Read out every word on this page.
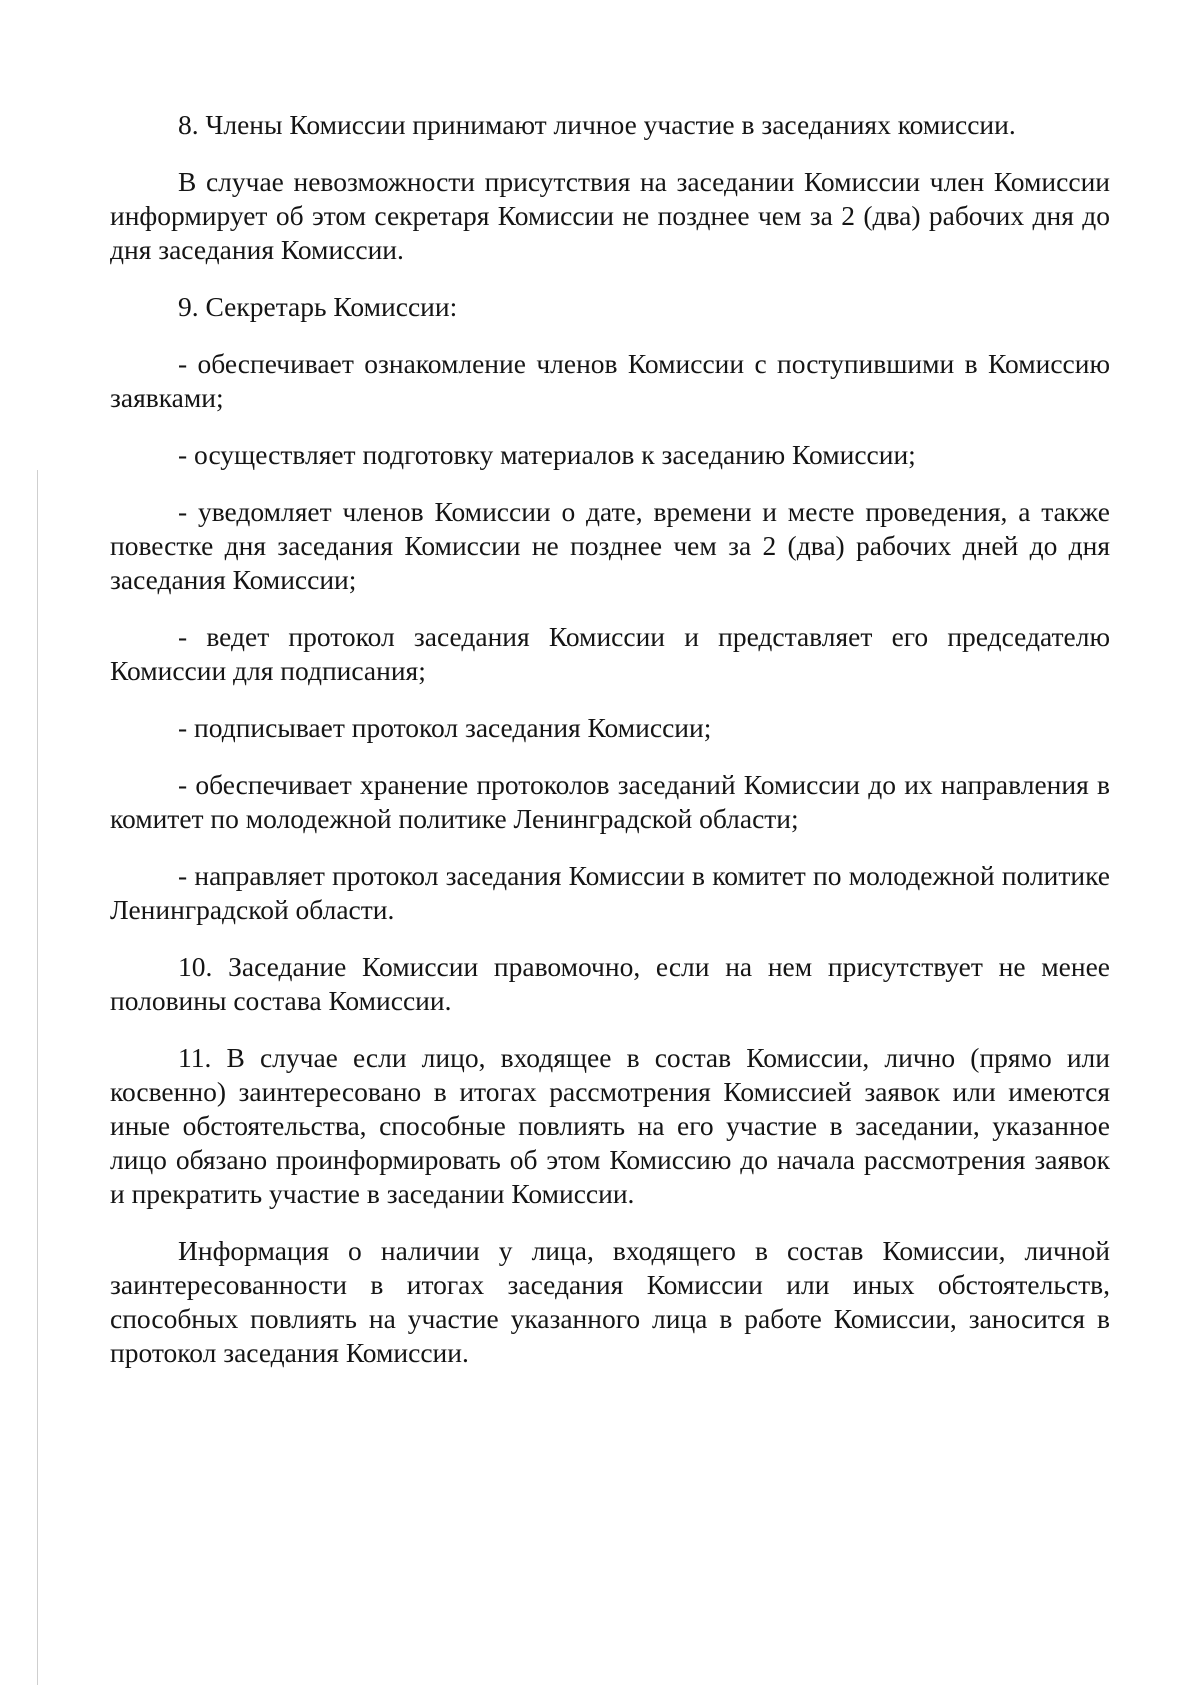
8. Члены Комиссии принимают личное участие в заседаниях комиссии.

В случае невозможности присутствия на заседании Комиссии член Комиссии информирует об этом секретаря Комиссии не позднее чем за 2 (два) рабочих дня до дня заседания Комиссии.

9. Секретарь Комиссии:

- обеспечивает ознакомление членов Комиссии с поступившими в Комиссию заявками;

- осуществляет подготовку материалов к заседанию Комиссии;

- уведомляет членов Комиссии о дате, времени и месте проведения, а также повестке дня заседания Комиссии не позднее чем за 2 (два) рабочих дней до дня заседания Комиссии;

- ведет протокол заседания Комиссии и представляет его председателю Комиссии для подписания;

- подписывает протокол заседания Комиссии;

- обеспечивает хранение протоколов заседаний Комиссии до их направления в комитет по молодежной политике Ленинградской области;

- направляет протокол заседания Комиссии в комитет по молодежной политике Ленинградской области.

10. Заседание Комиссии правомочно, если на нем присутствует не менее половины состава Комиссии.

11. В случае если лицо, входящее в состав Комиссии, лично (прямо или косвенно) заинтересовано в итогах рассмотрения Комиссией заявок или имеются иные обстоятельства, способные повлиять на его участие в заседании, указанное лицо обязано проинформировать об этом Комиссию до начала рассмотрения заявок и прекратить участие в заседании Комиссии.

Информация о наличии у лица, входящего в состав Комиссии, личной заинтересованности в итогах заседания Комиссии или иных обстоятельств, способных повлиять на участие указанного лица в работе Комиссии, заносится в протокол заседания Комиссии.
